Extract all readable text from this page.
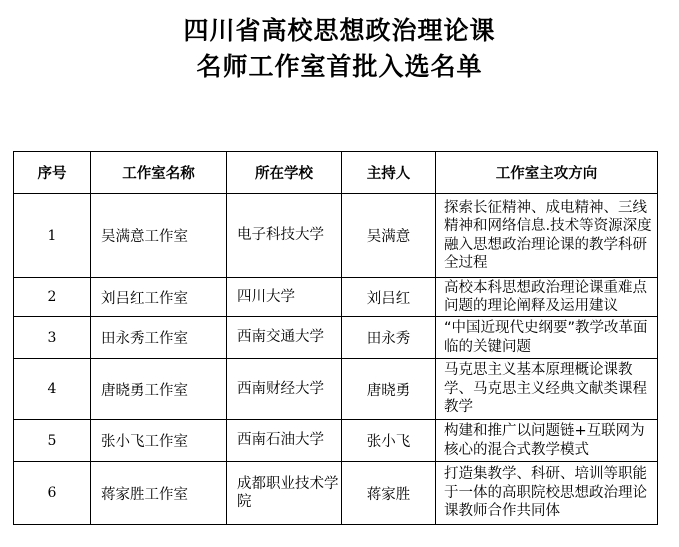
四川省高校思想政治理论课
名师工作室首批入选名单
序号	工作室名称	所在学校	主持人	工作室主攻方向
1	吴满意工作室	电子科技大学	吴满意	探索长征精神、成电精神、三线精神和网络信息.技术等资源深度融入思想政治理论课的教学科研全过程
2	刘吕红工作室	四川大学	刘吕红	高校本科思想政治理论课重难点问题的理论阐释及运用建议
3	田永秀工作室	西南交通大学	田永秀	“中国近现代史纲要”教学改革面临的关键问题
4	唐晓勇工作室	西南财经大学	唐晓勇	马克思主义基本原理概论课教学、马克思主义经典文献类课程教学
5	张小飞工作室	西南石油大学	张小飞	构建和推广以问题链+互联网为核心的混合式教学模式
6	蒋家胜工作室	成都职业技术学院	蒋家胜	打造集教学、科研、培训等职能于一体的高职院校思想政治理论课教师合作共同体
